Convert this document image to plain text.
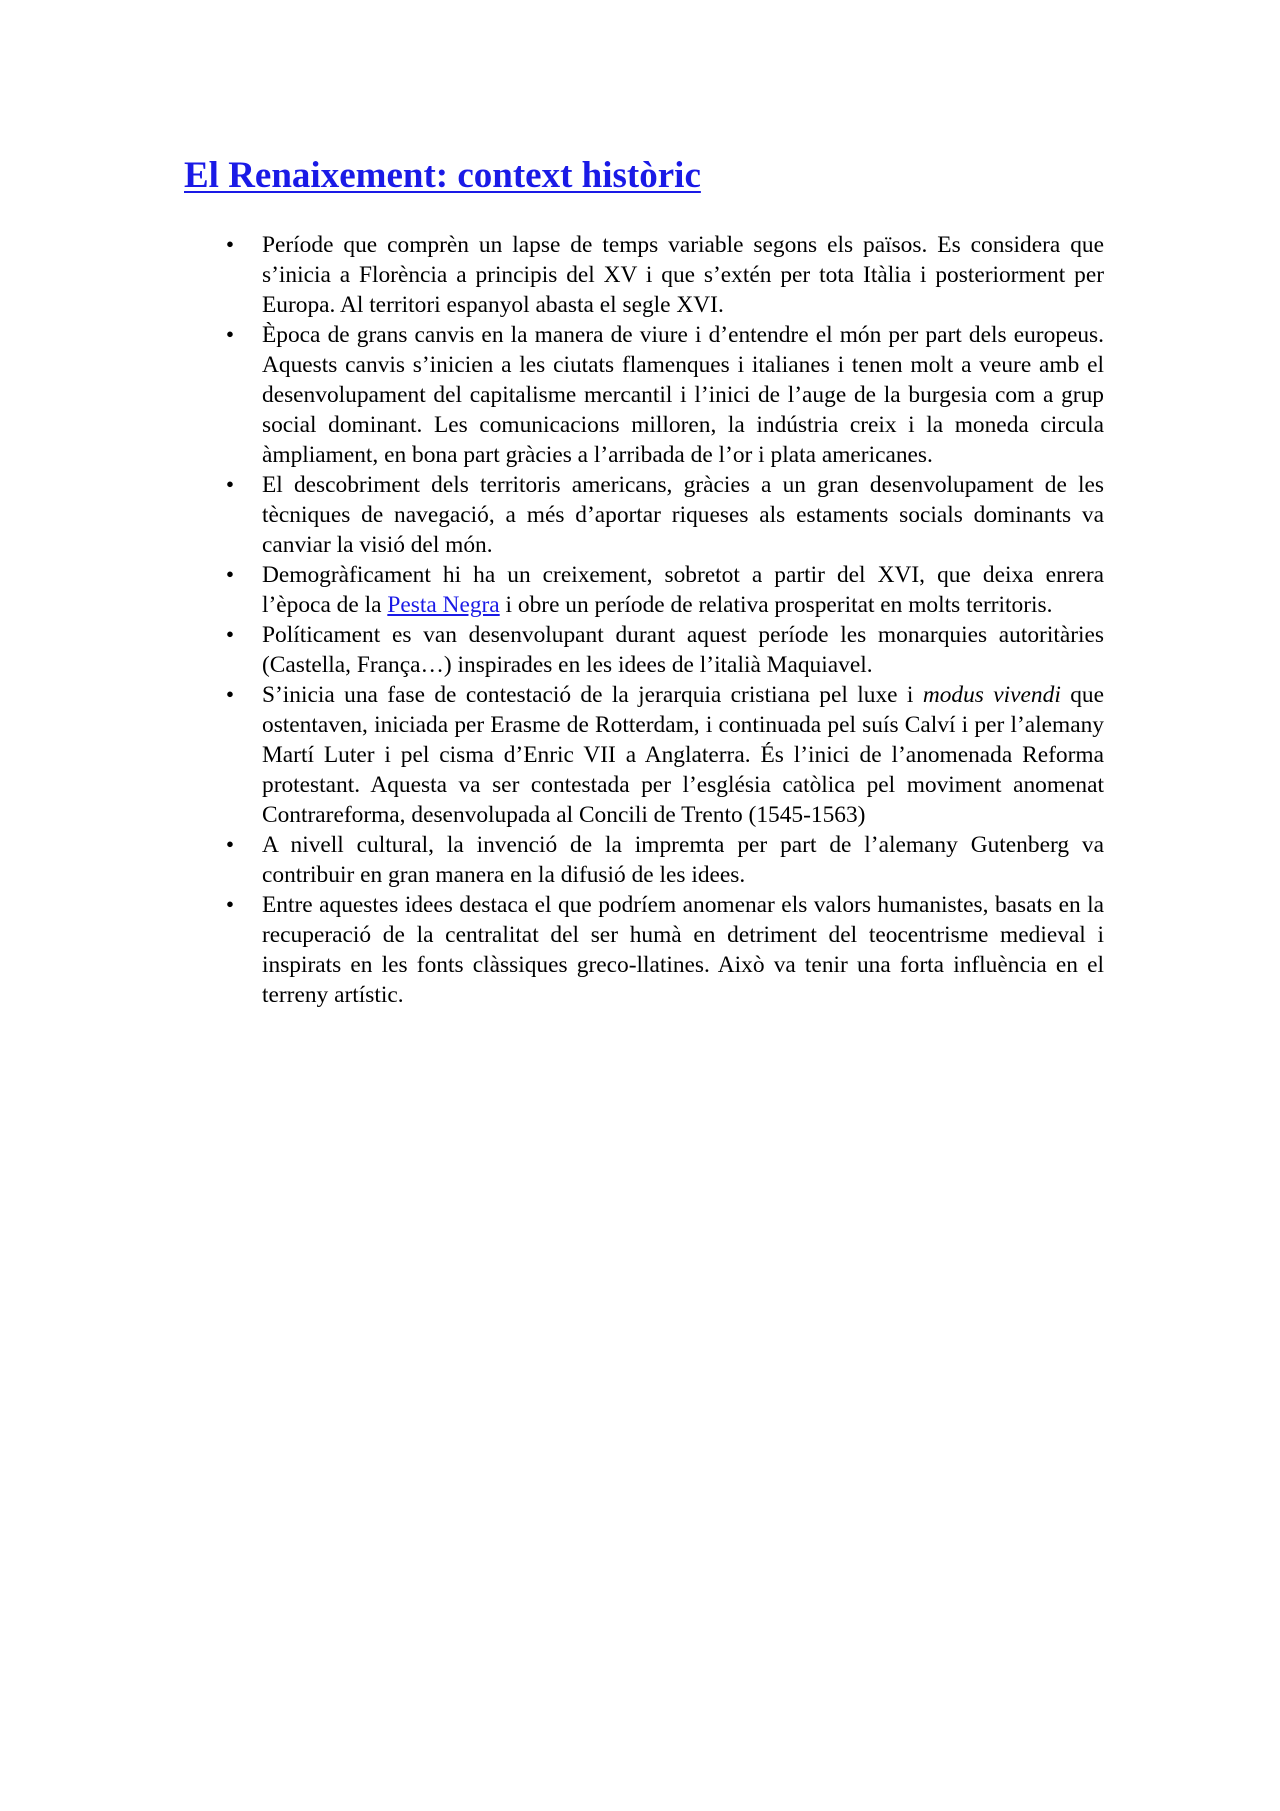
El Renaixement: context històric
• Període que comprèn un lapse de temps variable segons els països. Es considera que s’inicia a Florència a principis del XV i que s’extén per tota Itàlia i posteriorment per Europa. Al territori espanyol abasta el segle XVI.
• Època de grans canvis en la manera de viure i d’entendre el món per part dels europeus. Aquests canvis s’inicien a les ciutats flamenques i italianes i tenen molt a veure amb el desenvolupament del capitalisme mercantil i l’inici de l’auge de la burgesia com a grup social dominant. Les comunicacions milloren, la indústria creix i la moneda circula àmpliament, en bona part gràcies a l’arribada de l’or i plata americanes.
• El descobriment dels territoris americans, gràcies a un gran desenvolupament de les tècniques de navegació, a més d’aportar riqueses als estaments socials dominants va canviar la visió del món.
• Demogràficament hi ha un creixement, sobretot a partir del XVI, que deixa enrera l’època de la Pesta Negra i obre un període de relativa prosperitat en molts territoris.
• Políticament es van desenvolupant durant aquest període les monarquies autoritàries (Castella, França…) inspirades en les idees de l’italià Maquiavel.
• S’inicia una fase de contestació de la jerarquia cristiana pel luxe i modus vivendi que ostentaven, iniciada per Erasme de Rotterdam, i continuada pel suís Calví i per l’alemany Martí Luter i pel cisma d’Enric VII a Anglaterra. És l’inici de l’anomenada Reforma protestant. Aquesta va ser contestada per l’església catòlica pel moviment anomenat Contrareforma, desenvolupada al Concili de Trento (1545-1563)
• A nivell cultural, la invenció de la impremta per part de l’alemany Gutenberg va contribuir en gran manera en la difusió de les idees.
• Entre aquestes idees destaca el que podríem anomenar els valors humanistes, basats en la recuperació de la centralitat del ser humà en detriment del teocentrisme medieval i inspirats en les fonts clàssiques greco-llatines. Això va tenir una forta influència en el terreny artístic.
